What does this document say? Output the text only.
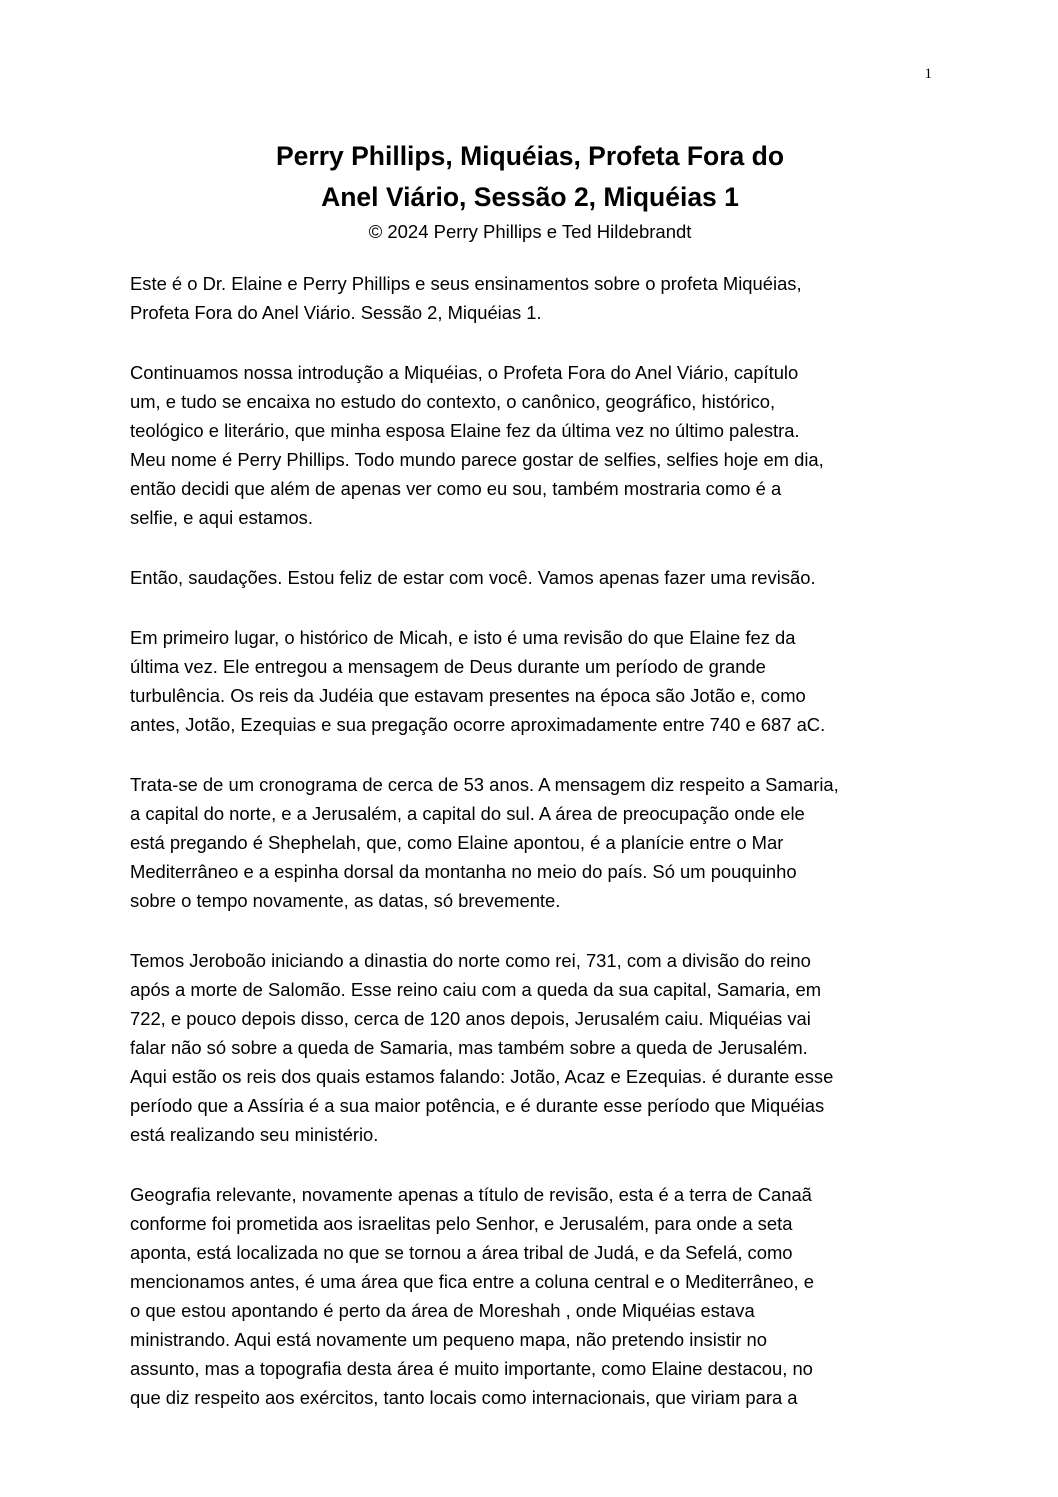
1
Perry Phillips, Miquéias, Profeta Fora do
Anel Viário, Sessão 2, Miquéias 1
© 2024 Perry Phillips e Ted Hildebrandt
Este é o Dr. Elaine e Perry Phillips e seus ensinamentos sobre o profeta Miquéias,
Profeta Fora do Anel Viário. Sessão 2, Miquéias 1.
Continuamos nossa introdução a Miquéias, o Profeta Fora do Anel Viário, capítulo
um, e tudo se encaixa no estudo do contexto, o canônico, geográfico, histórico,
teológico e literário, que minha esposa Elaine fez da última vez no último palestra.
Meu nome é Perry Phillips. Todo mundo parece gostar de selfies, selfies hoje em dia,
então decidi que além de apenas ver como eu sou, também mostraria como é a
selfie, e aqui estamos.
Então, saudações. Estou feliz de estar com você. Vamos apenas fazer uma revisão.
Em primeiro lugar, o histórico de Micah, e isto é uma revisão do que Elaine fez da
última vez. Ele entregou a mensagem de Deus durante um período de grande
turbulência. Os reis da Judéia que estavam presentes na época são Jotão e, como
antes, Jotão, Ezequias e sua pregação ocorre aproximadamente entre 740 e 687 aC.
Trata-se de um cronograma de cerca de 53 anos. A mensagem diz respeito a Samaria,
a capital do norte, e a Jerusalém, a capital do sul. A área de preocupação onde ele
está pregando é Shephelah, que, como Elaine apontou, é a planície entre o Mar
Mediterrâneo e a espinha dorsal da montanha no meio do país. Só um pouquinho
sobre o tempo novamente, as datas, só brevemente.
Temos Jeroboão iniciando a dinastia do norte como rei, 731, com a divisão do reino
após a morte de Salomão. Esse reino caiu com a queda da sua capital, Samaria, em
722, e pouco depois disso, cerca de 120 anos depois, Jerusalém caiu. Miquéias vai
falar não só sobre a queda de Samaria, mas também sobre a queda de Jerusalém.
Aqui estão os reis dos quais estamos falando: Jotão, Acaz e Ezequias. é durante esse
período que a Assíria é a sua maior potência, e é durante esse período que Miquéias
está realizando seu ministério.
Geografia relevante, novamente apenas a título de revisão, esta é a terra de Canaã
conforme foi prometida aos israelitas pelo Senhor, e Jerusalém, para onde a seta
aponta, está localizada no que se tornou a área tribal de Judá, e da Sefelá, como
mencionamos antes, é uma área que fica entre a coluna central e o Mediterrâneo, e
o que estou apontando é perto da área de Moreshah , onde Miquéias estava
ministrando. Aqui está novamente um pequeno mapa, não pretendo insistir no
assunto, mas a topografia desta área é muito importante, como Elaine destacou, no
que diz respeito aos exércitos, tanto locais como internacionais, que viriam para a
